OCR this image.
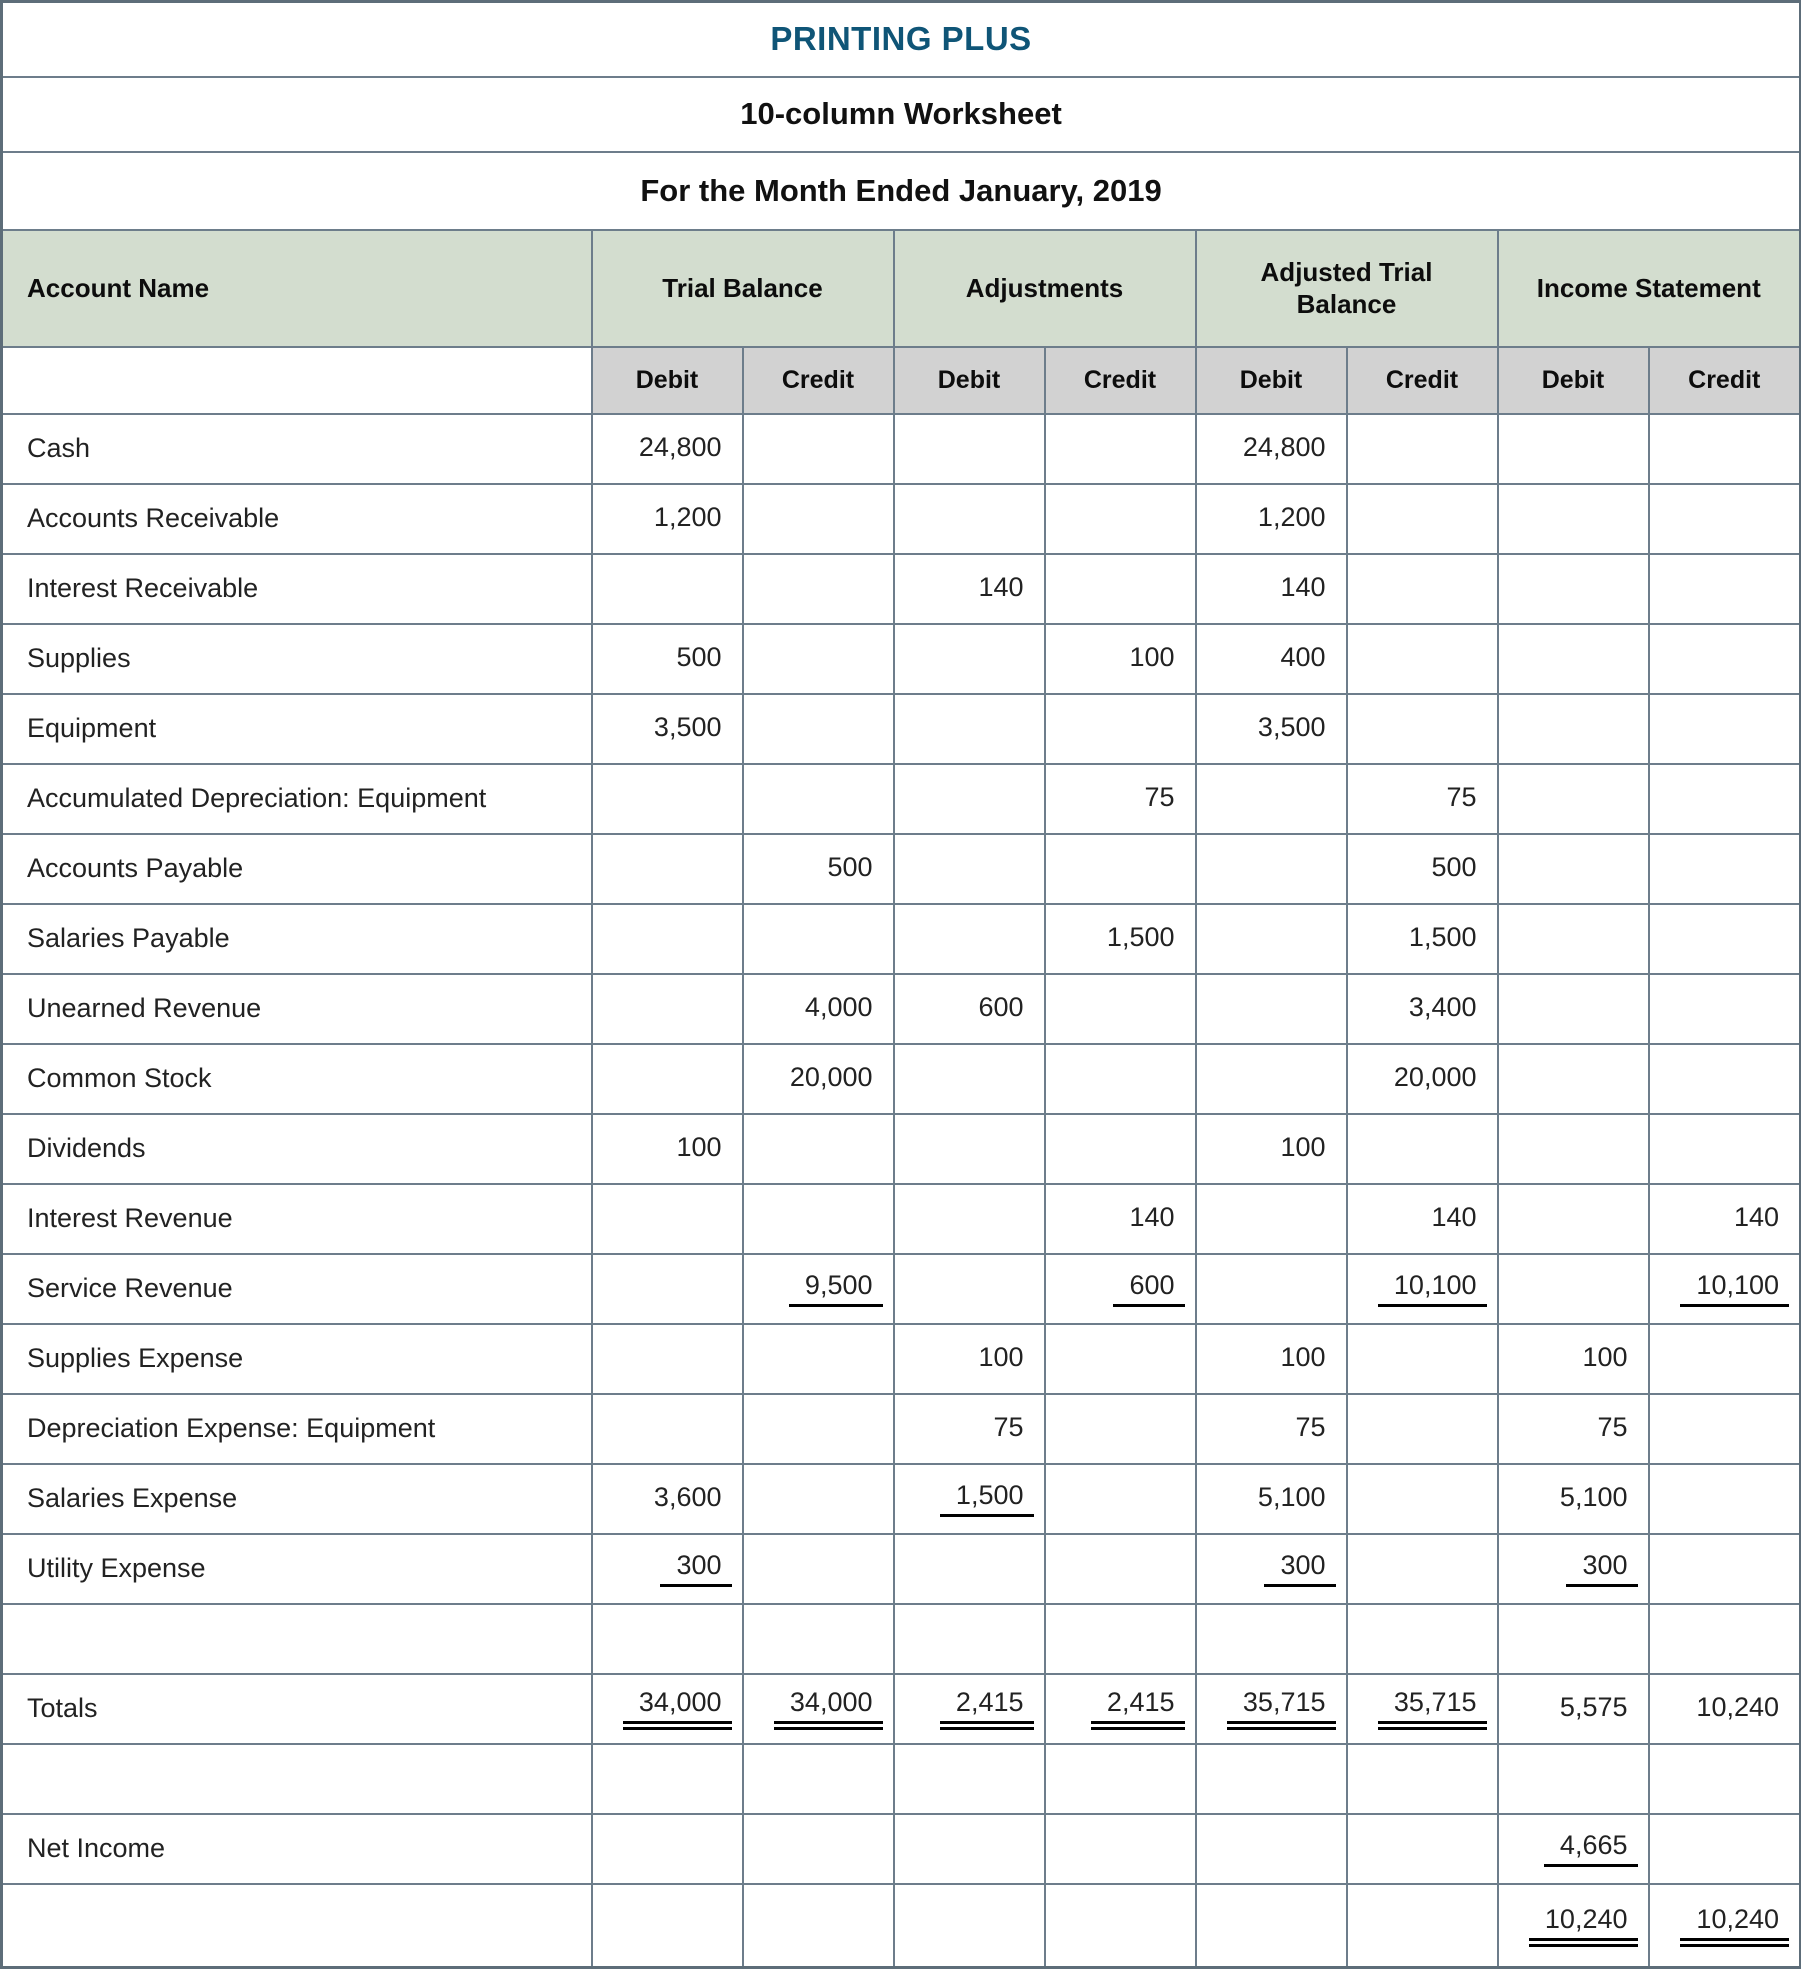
PRINTING PLUS								
10-column Worksheet								
For the Month Ended January, 2019								
Account Name	Trial Balance		Adjustments		Adjusted Trial Balance		Income Statement	
	Debit	Credit	Debit	Credit	Debit	Credit	Debit	Credit
Cash	24,800				24,800			
Accounts Receivable	1,200				1,200			
Interest Receivable			140		140			
Supplies	500			100	400			
Equipment	3,500				3,500			
Accumulated Depreciation: Equipment				75		75		
Accounts Payable		500				500		
Salaries Payable				1,500		1,500		
Unearned Revenue		4,000	600			3,400		
Common Stock		20,000				20,000		
Dividends	100				100			
Interest Revenue				140		140		140
Service Revenue		9,500		600		10,100		10,100
Supplies Expense			100		100		100	
Depreciation Expense: Equipment			75		75		75	
Salaries Expense	3,600		1,500		5,100		5,100	
Utility Expense	300				300		300	

Totals	34,000	34,000	2,415	2,415	35,715	35,715	5,575	10,240

Net Income							4,665	
							10,240	10,240
